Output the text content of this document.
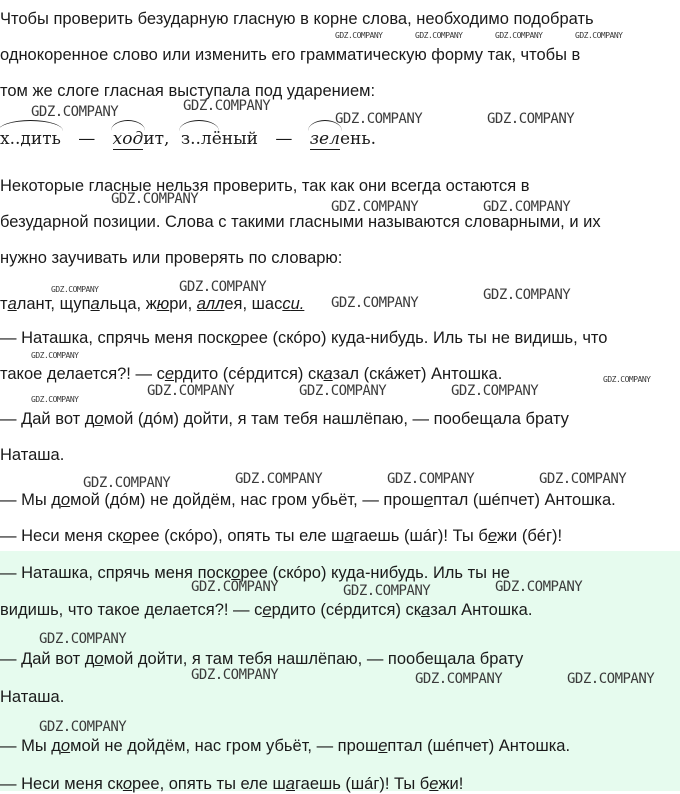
Чтобы проверить безударную гласную в корне слова, необходимо подобрать
однокоренное слово или изменить его грамматическую форму так, чтобы в
том же слоге гласная выступала под ударением:
х..дить — ходит, з..лёный — зелень.
Некоторые гласные нельзя проверить, так как они всегда остаются в
безударной позиции. Слова с такими гласными называются словарными, и их
нужно заучивать или проверять по словарю:
талант, щупальца, жюри, аллея, шасси.
— Наташка, спрячь меня поскорее (скóро) куда-нибудь. Иль ты не видишь, что
такое делается?! — сердито (сéрдится) сказал (скáжет) Антошка.
— Дай вот домой (дóм) дойти, я там тебя нашлёпаю, — пообещала брату
Наташа.
— Мы домой (дóм) не дойдём, нас гром убьёт, — прошептал (шéпчет) Антошка.
— Неси меня скорее (скóро), опять ты еле шагаешь (шáг)! Ты бежи (бéг)!
— Наташка, спрячь меня поскорее (скóро) куда-нибудь. Иль ты не
видишь, что такое делается?! — сердито (сéрдится) сказал Антошка.
— Дай вот домой дойти, я там тебя нашлёпаю, — пообещала брату
Наташа.
— Мы домой не дойдём, нас гром убьёт, — прошептал (шéпчет) Антошка.
— Неси меня скорее, опять ты еле шагаешь (шáг)! Ты бежи!
GDZ.COMPANY	GDZ.COMPANY	GDZ.COMPANY	GDZ.COMPANY
GDZ.COMPANY	GDZ.COMPANY
GDZ.COMPANY	GDZ.COMPANY
GDZ.COMPANY	GDZ.COMPANY	GDZ.COMPANY
GDZ.COMPANY	GDZ.COMPANY
GDZ.COMPANY	GDZ.COMPANY
GDZ.COMPANY
GDZ.COMPANY	GDZ.COMPANY	GDZ.COMPANY
GDZ.COMPANY
GDZ.COMPANY
GDZ.COMPANY	GDZ.COMPANY	GDZ.COMPANY	GDZ.COMPANY
GDZ.COMPANY	GDZ.COMPANY	GDZ.COMPANY
GDZ.COMPANY
GDZ.COMPANY	GDZ.COMPANY	GDZ.COMPANY
GDZ.COMPANY
